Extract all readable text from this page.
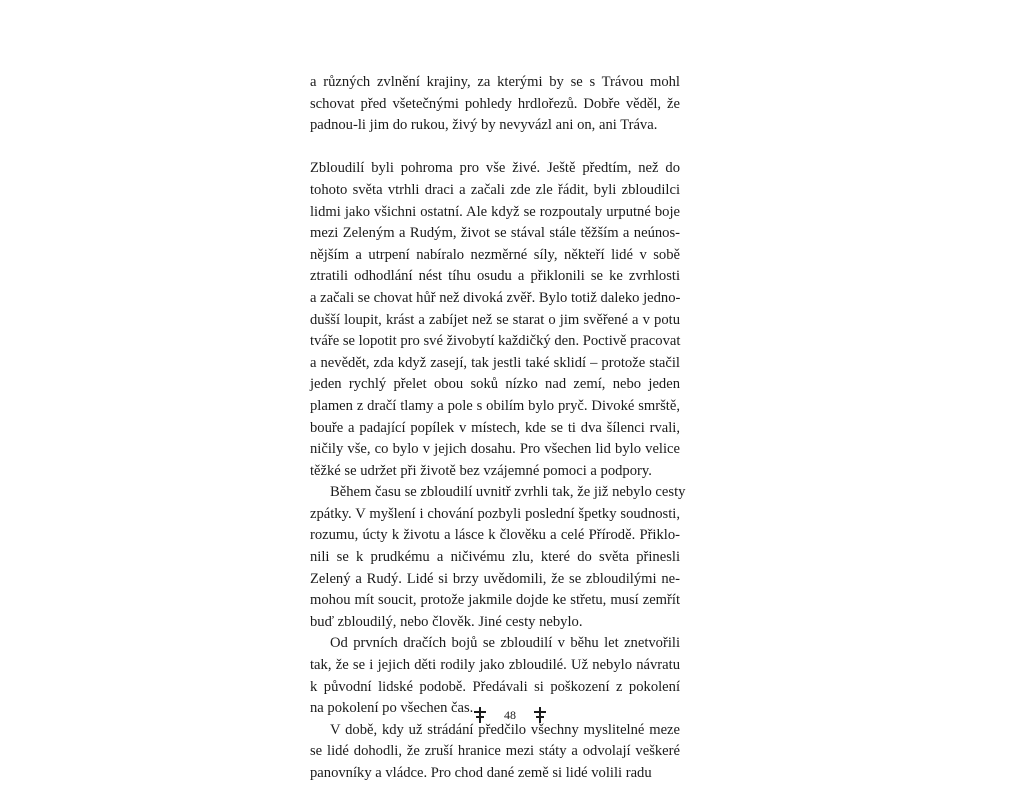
a různých zvlnění krajiny, za kterými by se s Trávou mohl
schovat před všetečnými pohledy hrdlořezů. Dobře věděl, že
padnou-li jim do rukou, živý by nevyvázl ani on, ani Tráva.

Zbloudilí byli pohroma pro vše živé. Ještě předtím, než do
tohoto světa vtrhli draci a začali zde zle řádit, byli zbloudilci
lidmi jako všichni ostatní. Ale když se rozpoutaly urputné boje
mezi Zeleným a Rudým, život se stával stále těžším a neúnos-
nějším a utrpení nabíralo nezměrné síly, někteří lidé v sobě
ztratili odhodlání nést tíhu osudu a přiklonili se ke zvrhlosti
a začali se chovat hůř než divoká zvěř. Bylo totiž daleko jedno-
dušší loupit, krást a zabíjet než se starat o jim svěřené a v potu
tváře se lopotit pro své živobytí každičký den. Poctivě pracovat
a nevědět, zda když zasejí, tak jestli také sklidí – protože stačil
jeden rychlý přelet obou soků nízko nad zemí, nebo jeden
plamen z dračí tlamy a pole s obilím bylo pryč. Divoké smrště,
bouře a padající popílek v místech, kde se ti dva šílenci rvali,
ničily vše, co bylo v jejich dosahu. Pro všechen lid bylo velice
těžké se udržet při životě bez vzájemné pomoci a podpory.

Během času se zbloudilí uvnitř zvrhli tak, že již nebylo cesty
zpátky. V myšlení i chování pozbyli poslední špetky soudnosti,
rozumu, úcty k životu a lásce k člověku a celé Přírodě. Přiklo-
nili se k prudkému a ničivému zlu, které do světa přinesli
Zelený a Rudý. Lidé si brzy uvědomili, že se zbloudilými ne-
mohou mít soucit, protože jakmile dojde ke střetu, musí zemřít
buď zbloudilý, nebo člověk. Jiné cesty nebylo.

Od prvních dračích bojů se zbloudilí v běhu let znetvořili
tak, že se i jejich děti rodily jako zbloudilé. Už nebylo návratu
k původní lidské podobě. Předávali si poškození z pokolení
na pokolení po všechen čas.

V době, kdy už strádání předčilo všechny myslitelné meze
se lidé dohodli, že zruší hranice mezi státy a odvolají veškeré
panovníky a vládce. Pro chod dané země si lidé volili radu

48
